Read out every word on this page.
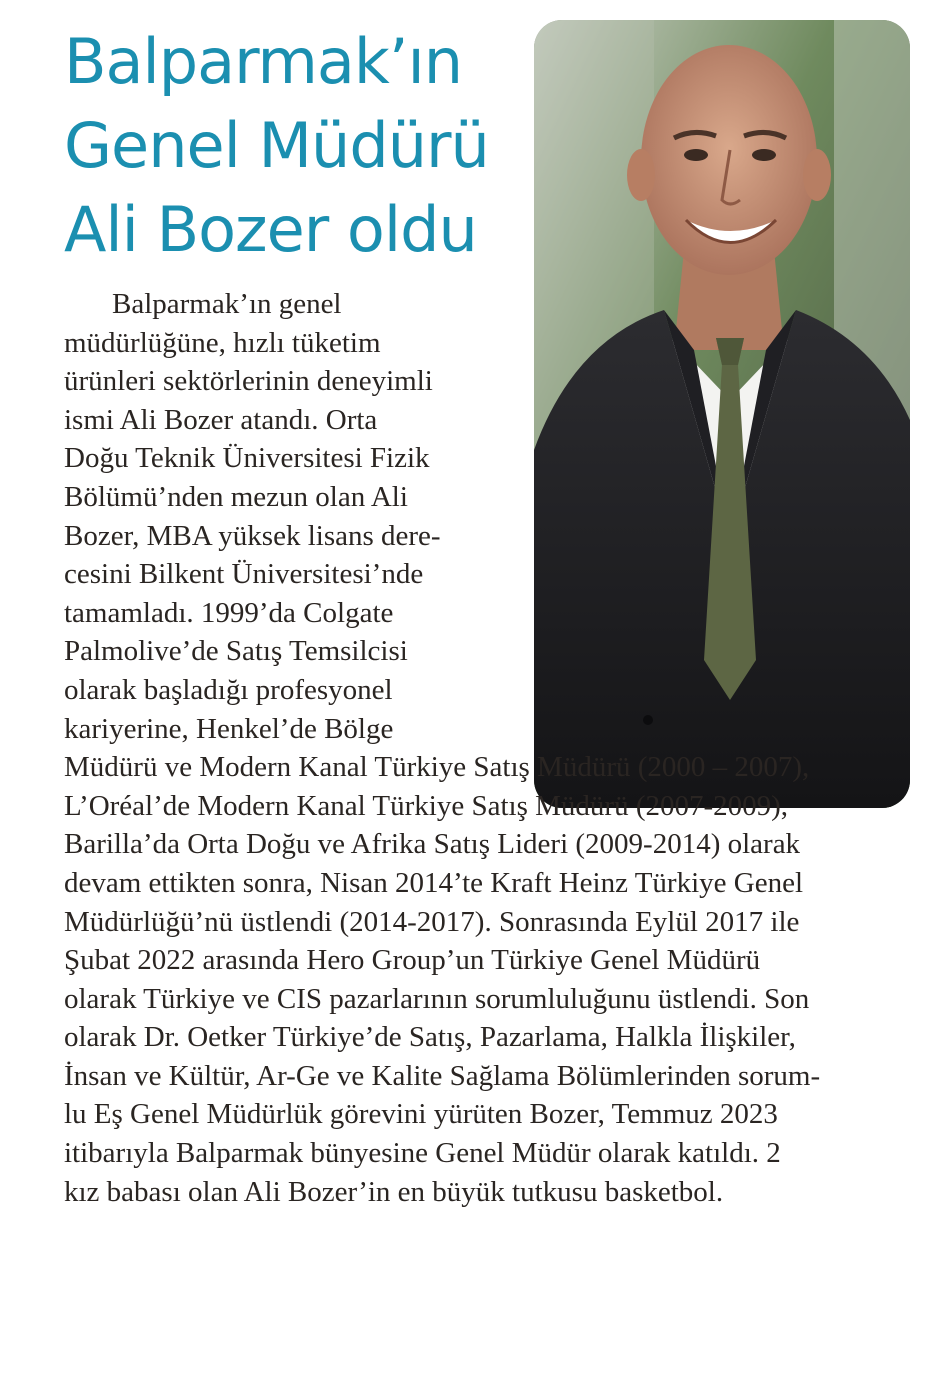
Balparmak’ın
Genel Müdürü
Ali Bozer oldu
Balparmak’ın genel
müdürlüğüne, hızlı tüketim
ürünleri sektörlerinin deneyimli
ismi Ali Bozer atandı. Orta
Doğu Teknik Üniversitesi Fizik
Bölümü’nden mezun olan Ali
Bozer, MBA yüksek lisans dere-
cesini Bilkent Üniversitesi’nde
tamamladı. 1999’da Colgate
Palmolive’de Satış Temsilcisi
olarak başladığı profesyonel
kariyerine, Henkel’de Bölge
Müdürü ve Modern Kanal Türkiye Satış Müdürü (2000 – 2007),
L’Oréal’de Modern Kanal Türkiye Satış Müdürü (2007-2009),
Barilla’da Orta Doğu ve Afrika Satış Lideri (2009-2014) olarak
devam ettikten sonra, Nisan 2014’te Kraft Heinz Türkiye Genel
Müdürlüğü’nü üstlendi (2014-2017). Sonrasında Eylül 2017 ile
Şubat 2022 arasında Hero Group’un Türkiye Genel Müdürü
olarak Türkiye ve CIS pazarlarının sorumluluğunu üstlendi. Son
olarak Dr. Oetker Türkiye’de Satış, Pazarlama, Halkla İlişkiler,
İnsan ve Kültür, Ar-Ge ve Kalite Sağlama Bölümlerinden sorum-
lu Eş Genel Müdürlük görevini yürüten Bozer, Temmuz 2023
itibarıyla Balparmak bünyesine Genel Müdür olarak katıldı. 2
kız babası olan Ali Bozer’in en büyük tutkusu basketbol.
